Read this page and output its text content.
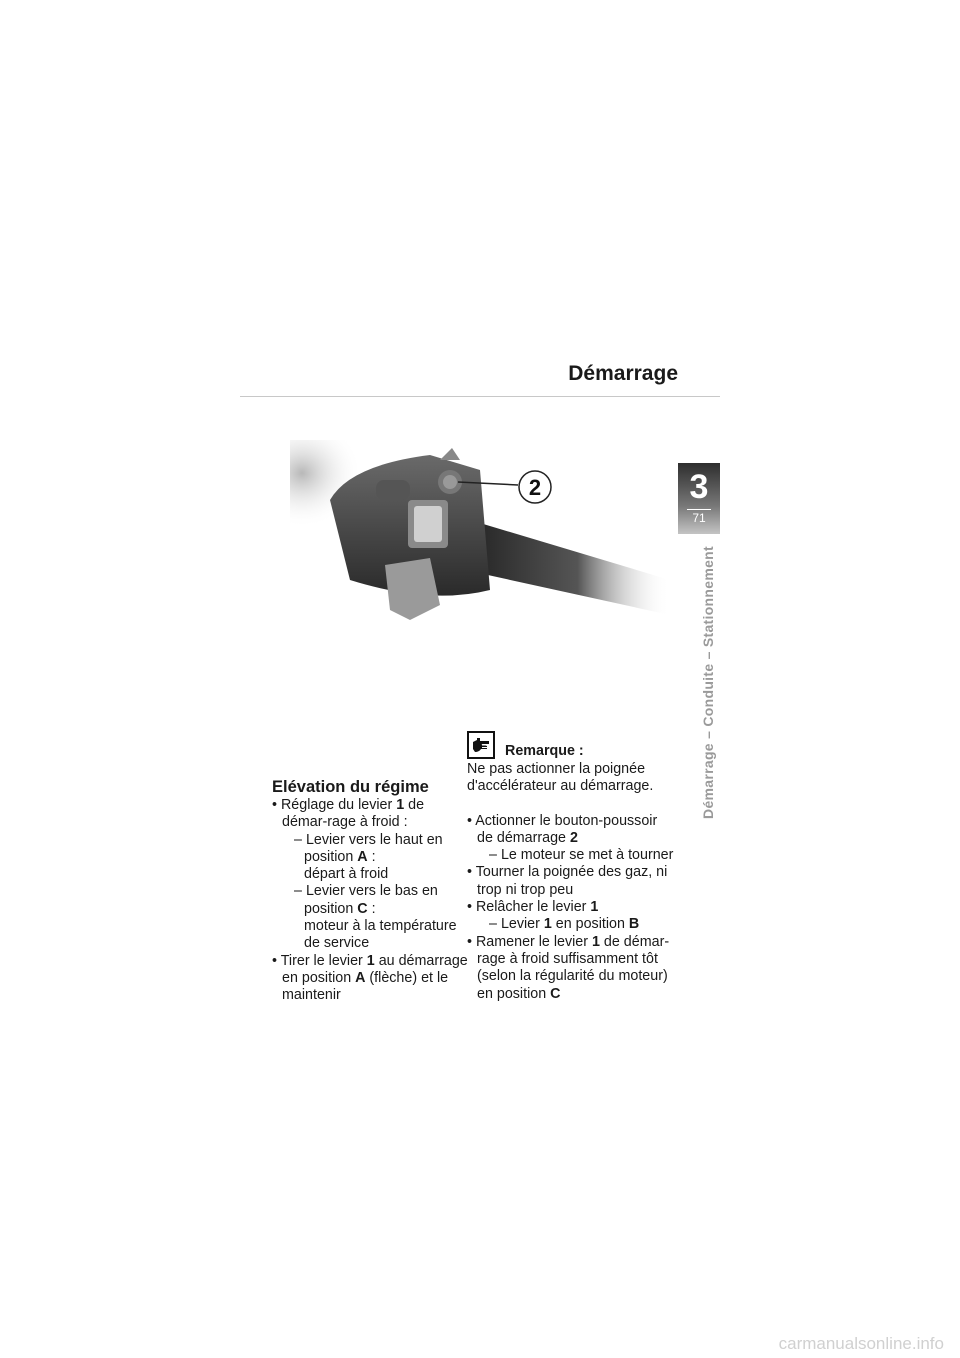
Démarrage
3
71
Démarrage – Conduite – Stationnement
2
Elévation du régime

• Réglage du levier 1 de démar-rage à froid :

– Levier vers le haut en position A :

départ à froid

– Levier vers le bas en position C :

moteur à la température de service

• Tirer le levier 1 au démarrage en position A (flèche) et le maintenir

Remarque :

Ne pas actionner la poignée d'accélérateur au démarrage.

• Actionner le bouton-poussoir de démarrage 2

– Le moteur se met à tourner

• Tourner la poignée des gaz, ni trop ni trop peu

• Relâcher le levier 1

– Levier 1 en position B

• Ramener le levier 1 de démar-rage à froid suffisamment tôt (selon la régularité du moteur) en position C

carmanualsonline.info
